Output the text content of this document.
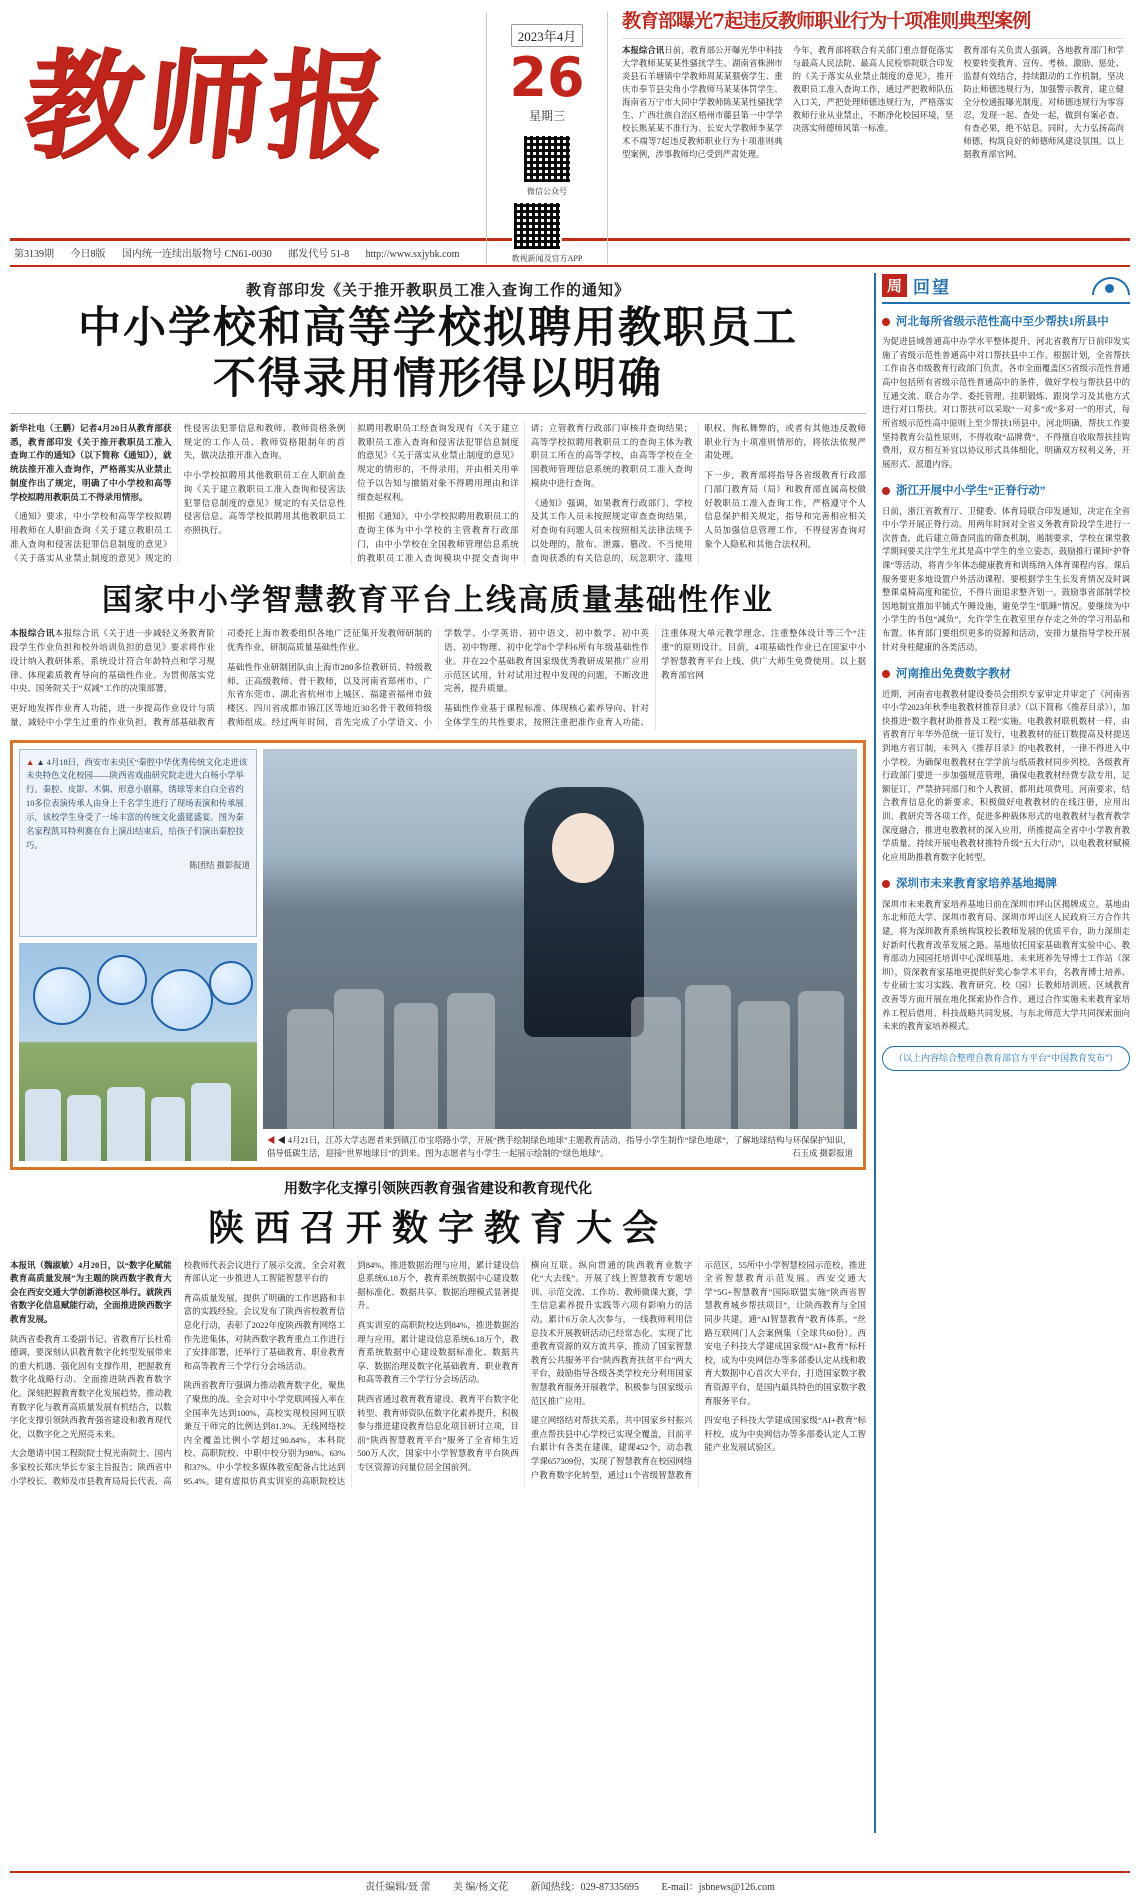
教师报	2023年4月
26
星期三
微信公众号
教视新闻及官方APP
教育部曝光7起违反教师职业行为十项准则典型案例

本报综合讯日前，教育部公开曝光华中科技大学教师某某某性骚扰学生、湖南省株洲市炎县石羊塘镇中学教师周某某猥亵学生、重庆市奉节县尖角小学教师马某某体罚学生、海南省万宁市大同中学教师陈某某性骚扰学生、广西壮族自治区梧州市藤县第一中学学校长熊某某不准行为、长安大学教师李某学术不端等7起违反教师职业行为十项准则典型案例，涉事教师均已受到严肃处理。

今年，教育部将联合有关部门重点督促落实与最高人民法院、最高人民检察院联合印发的《关于落实从业禁止制度的意见》，推开教职员工准入查询工作，通过严把教师队伍入口关，严把处理师德违规行为，严格落实教师行业从业禁止，不断净化校园环境，坚决落实师德师风第一标准。

教育部有关负责人强调，各地教育部门和学校要转变教育、宣传、考核、激励、惩处、监督有效结合，持续跟动的工作机制，坚决防止师德违规行为，加强警示教育，建立健全分校通报曝光制度。对师德违规行为零容忍，发现一起、查处一起，做到有案必查、有查必果，绝不姑息。同时，大力弘扬高尚师德，构筑良好的师德师风建设氛围。以上据教育部官网。

第3139期 今日8版 国内统一连续出版物号 CN61-0030 邮发代号 51-8 http://www.sxjybk.com
教育部印发《关于推开教职员工准入查询工作的通知》
中小学校和高等学校拟聘用教职员工
不得录用情形得以明确

新华社电（王鹏）记者4月20日从教育部获悉，教育部印发《关于推开教职员工准入查询工作的通知》（以下简称《通知》），就统法推开准入查询作，严格落实从业禁止制度作出了规定，明确了中小学校和高等学校拟聘用教职员工不得录用情形。

《通知》要求，中小学校和高等学校拟聘用教师在人职前查询《关于建立教职员工准入查询和侵害法犯罪信息制度的意见》《关于落实从业禁止制度的意见》规定的性侵害法犯罪信息和教师、教师资格条例规定的工作人员、教师资格限制年的首失，做决法推开准入查询。

中小学校拟聘用其他教职员工在人职前查询《关于建立教职员工准入查询和侵害法犯罪信息制度的意见》规定的有关信息性侵害信息。高等学校拟聘用其他教职员工亦照执行。

拟聘用教职员工经查询发现有《关于建立教职员工准入查询和侵害法犯罪信息制度的意见》《关于落实从业禁止制度的意见》规定的情形的，不得录用，并由相关用单位予以告知与撤销对象不得聘用理由和详细查起权利。

根据《通知》，中小学校拟聘用教职员工的查询主体为中小学校的主管教育行政部门，由中小学校在全国教师管理信息系统的教职员工准入查询模块中提交查询申请；立管教育行政部门审核并查询结果；高等学校拟聘用教职员工的查询主体为教职员工所在的高等学校，由高等学校在全国教师管理信息系统的教职员工准入查询模块中进行查询。

《通知》强调，如果教育行政部门、学校及其工作人员未按照规定审查查询结果，对查询有问题人员未按照相关法律法规予以处理的，散布、泄露、篡改、不当使用查询获悉的有关信息的，玩忽职守、滥用职权、徇私舞弊的，或者有其他违反教师职业行为十项准则情形的，将依法依规严肃处理。

下一步，教育部将指导各省级教育行政部门部门教育局（局）和教育部直属高校做好教职员工准入查询工作，严格遵守个人信息保护相关规定，指导和完善相应相关人员加强信息管理工作，不得侵害查询对象个人隐私和其他合法权利。

国家中小学智慧教育平台上线高质量基础性作业

本报综合讯本报综合讯《关于进一步减轻义务教育阶段学生作业负担和校外培训负担的意见》要求将作业设计纳入教研体系，系统设计符合年龄特点和学习规律、体现素质教育导向的基础性作业。为贯彻落实党中央、国务院关于“双减”工作的决策部署，

更好地发挥作业育人功能，进一步提高作业设计与质量，减轻中小学生过重的作业负担，教育部基础教育司委托上海市教委组织各地广泛征集开发教师研制的优秀作业，研制高质量基础性作业。

基础性作业研制团队由上海市280多位教研员、特级教师、正高级教师、骨干教师，以及河南省郑州市、广东省东莞市、湖北省杭州市上城区、福建省福州市鼓楼区、四川省成都市锦江区等地近30名骨干教师特级教师组成。经过两年时间，首先完成了小学语文、小学数学、小学英语、初中语文、初中数学、初中英语、初中物理、初中化学8个学科6所有年级基础性作业。并在22个基础教育国家级优秀教研成果推广应用示范区试用，针对试用过程中发现的问题，不断改进完善，提升质量。

基础性作业基于课程标准、体现核心素养导向、针对全体学生的共性要求，按照注重把准作业育人功能、注重体现大单元教学理念、注重整体设计等三个“注重”的原则设计。目前，4项基础性作业已在国家中小学智慧教育平台上线，供广大师生免费使用。以上据教育部官网

▲ ▲ 4月18日，西安市未央区“秦腔中华优秀传统文化走进该未央特色文化校园——陕西省戏曲研究院走进大白杨小学举行。秦腔、皮影、木偶、形意小剧幕，绣球等来自白全省约10多位表演传承人由身上千名学生进行了现场表演和传承展示，该校学生身受了一场丰富的传统文化盛筵盛宴。图为秦名家程凯耳特利赛在台上演出结束后，给孩子们演出秦腔技巧。
陈团结 摄影报道
◀ ◀ 4月21日，江苏大学志愿者来到镇江市宝塔路小学，开展“携手绘制绿色地球”主题教育活动，指导小学生制作“绿色地球”，了解地球结构与环保保护知识，倡导低碳生活，迎接“世界地球日”的到来。图为志愿者与小学生一起展示绘制的“绿色地球”。	石玉成 摄影报道
用数字化支撑引领陕西教育强省建设和教育现代化
陕西召开数字教育大会

本报讯（魏淑敏）4月20日，以“数字化赋能教育高质量发展”为主题的陕西数字教育大会在西安交通大学创新港校区举行。就陕西省数字化信息赋能行动，全面推进陕西数字教育发展。

陕西省委教育工委副书记、省教育厅长杜希德调，要深刻认识教育数字化转型发展带来的重大机遇、强化固有支撑作用，把握教育数字化战略行动、全面推进陕西教育数字化。深刻把握教育数字化发展趋势，推动教育数字化与教育高质量发展有机结合，以数字化支撑引领陕西教育强省建设和教育现代化，以数字化之光照亮未来。

大会邀请中国工程院院士倪光南院士、国内多家校长郑庆华长专家主旨报告；陕西省中小学校长、教师及市县教育局局长代表、高校教师代表会议进行了展示交流，全会对教育部认定一步推进人工智能智慧平台的

育高质量发展，提供了明确的工作思路和丰富的实践经验。会议发布了陕西省校教育信息化行动，表彰了2022年度陕西教育网络工作先进集体，对陕西数字教育重点工作进行了安排部署，还举行了基础教育、职业教育和高等教育三个学行分会场活动。

陕西省教育厅强调力推动教育数字化，聚焦了聚焦的战、全会对中小学党联网接入率在全国率先达到100%，高校实现校园网互联兼互干师完的比例达到81.3%。无线网络校内全覆盖比例小学超过90.84%，本科院校、高职院校、中职中校分别为98%、63%和37%。中小学校多媒体教室配备占比达到95.4%。建有虚拟仿真实训室的高职院校达到84%，推进数据治理与应用，累计建设信息系统6.18万个，教育系统数据中心建设数据标准化、数据共享、数据治理模式显著提升。

真实训室的高职院校达到84%，推进数据治理与应用，累计建设信息系统6.18万个，教育系统数据中心建设数据标准化、数据共享、数据治理及数字化基础教育、职业教育和高等教育三个学行分会场活动。

陕西省通过教育教育建设、教育平台数字化转型、教育师资队伍数字化素养提升，积极参与推进建设教育信息化项目研讨立项，目前“陕西智慧教育平台”服务了全省师生近500万人次，国家中小学智慧教育平台陕西专区资源访问量位居全国前列。

横向互联、纵向贯通的陕西教育业数字化“大去线”。开展了线上智慧教育专题培训、示范交流、工作坊、教师微课大赛，学生信息素养提升实践等六项有影响力的活动。累计6万余人次参与，一线教师利用信息技术开展教研活动已经常态化，实现了比重教育资源的双方流共享，推动了国家智慧教育公共服务平台“陕西教育扶贫平台”两大平台，鼓励指导各级各类学校充分利用国家智慧教育服务开展教学，积极参与国家级示范区推广应用。

建立网络结对帮扶关系，共中国家乡村振兴重点帮扶县中心学校已实现全覆盖，目前平台累计有各类在建课，建课452个，动态教学课657309份，实现了智慧教育在校园网络户教育数字化转型，通过11个省级智慧教育示范区，55所中小学智慧校园示范校，推进全省智慧教育示范发展。西安交通大学“5G+智慧教育”国际联盟实施“陕西省智慧教育城乡帮扶项目”，让陕西教育与全国同步共建，通“AI智慧教育”教育体系，“丝路互联网门人会案例集（全球共60份）。西安电子科技大学建成国家级“AI+教育”标杆校，成为中央网信办等多部委认定从线和教育大数据中心首次大平台，打造国家数字教育资源平台，是国内最具特色的国家数字教育服务平台。

四安电子科技大学建成国家级“AI+教育”标杆校，成为中央网信办等多部委认定人工智能产业发展试验区。

周 回望
河北每所省级示范性高中至少帮扶1所县中

为促进县域普通高中办学水平整体提升，河北省教育厅日前印发实施了省级示范性普通高中对口帮扶县中工作。根据计划，全省帮扶工作由各市级教育行政部门负责，各市全面覆盖区5省级示范性普通高中包括所有省级示范性普通高中的条件，做好学校与帮扶县中的互通交流、联合办学、委托管理、挂职锻炼、跟岗学习及其他方式进行对口帮扶。对口帮扶可以采取“一对多”或“多对一”的形式，每所省级示范性高中原则上至少帮扶1所县中。河北明确，帮扶工作要坚持教育公益性原则，不得收取“品牌费”，不得擅自收取帮扶挂钩费用，双方相互补宜以协议形式具体细化，明确双方权利义务，开展形式、派遣内容。

浙江开展中小学生“正脊行动”

日前，浙江省教育厅、卫健委、体育局联合印发通知，决定在全省中小学开展正脊行动。用两年时间对全省义务教育阶段学生进行一次普查，此后建立筛查同监的筛查机制，遏制要求，学校在课堂教学期间要关注学生尤其是高中学生的坐立姿态，鼓励推行课间“护脊课”等活动，将青少年体态健康教育和训练纳入体育课程内容。课后服务要更多地设置户外活动课程、要根据学生生长发育情况及时调整课桌椅高度和能位，不得片面追求整齐划一。鼓励事省部制学校因地制宜推加平铺式午睡设施，避免学生“肌睡”情况。要继续为中小学生的书包“减负”，允许学生在教室里存存走之外的学习用品和布置。体育部门要组织更多的资源和活动，安排力量指导学校开展针对身柱健康的各类活动。

河南推出免费数字教材

近期，河南省电教教材建设委员会组织专家审定并审定了《河南省中小学2023年秋季电教教材推荐目录》（以下简称《推荐目录》），加快推进“数字教材助推普及工程”实施。电教教材联机数材一样，由省教育厅年华外范统一征订发行，电教教材的征订数提高及材提送到地方省订制，未列入《推荐目录》的电教教材，一律不得进入中小学校。为确保电教教材在学学前与纸质教材同步列校。各级教育行政部门要进一步加强规范管理，确保电教教材经费专款专用，足额征订，严禁挤同部门和个人教留，都用此项费用。河南要求，结合教育信息化的新要求，积极做好电教教材的在线注册，应用出训、教研究等各项工作，促进多种载体形式的电教教材与教育教学深度融合，推进电教教材的深入应用，所推提高全省中小学教育教学质量。持续开展电教教材推特升级“五大行动”，以电教教材赋模化应用助推教育数字化转型。

深圳市未来教育家培养基地揭牌

深圳市未来教育家培养基地日前在深圳市坪山区揭牌成立。基地由东北师范大学、深圳市教育局、深圳市坪山区人民政府三方合作共建，将为深圳教育系统构筑校长教师发展的优质平台，助力深圳走好新时代教育改革发展之路。基地依托国家基础教育实验中心、教育部动力园园托培训中心深圳基地、未来班养先导博士工作站（深圳），资深教育家基地更提供好奖心参学术平台，名教育博士培养、专业硕士实习实践、教育研究、校（园）长教师培训班、区域教育改善等方面开展在地化探索协作合作，通过合作实施未来教育家培养工程后借用、科技战略共同发展，与东北师范大学共同探索面向未来的教育家培养模式。

（以上内容综合整理自教育部官方平台“中国教育发布”）
责任编辑/聂 蕾 美 编/杨文花 新闻热线：029-87335695 E-mail：jsbnews@126.com
